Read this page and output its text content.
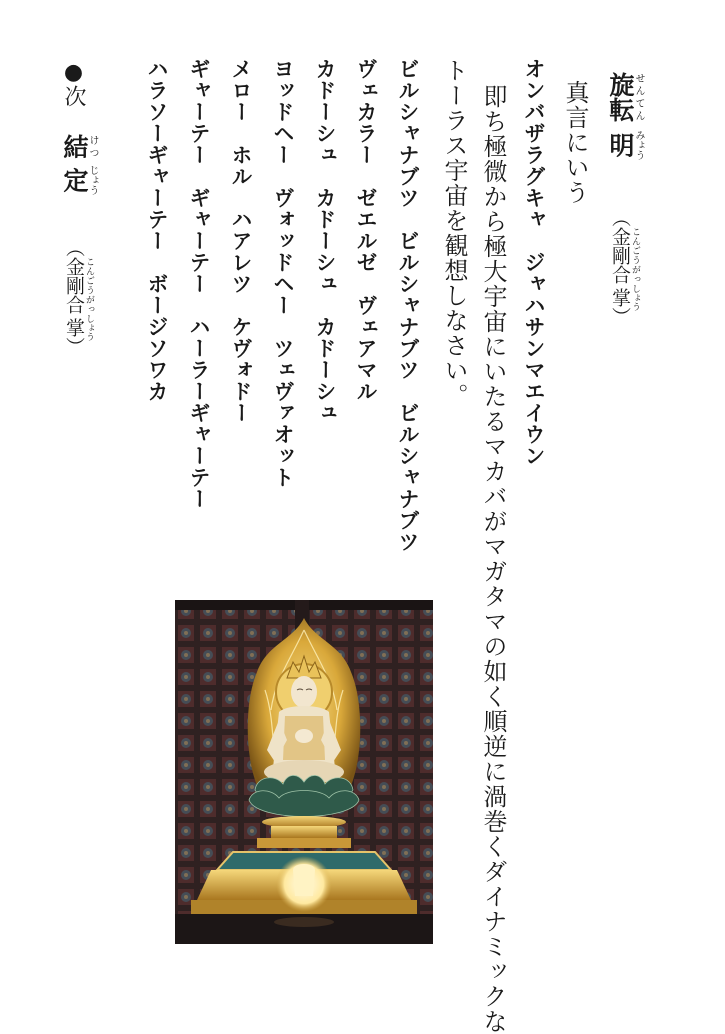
旋せん転てん明みょう
（金 こん剛 ごう合 がっ掌 しょう）
真言にいう
オンバザラグキャ　ジャハサンマエイウン
即ち極微から極大宇宙にいたるマカバがマガタマの如く順逆に渦巻くダイナミックな
トーラス宇宙を観想しなさい。
ビルシャナブツ　ビルシャナブツ　ビルシャナブツ
ヴェカラー　ゼエルゼ　ヴェアマル
カドーシュ　カドーシュ　カドーシュ
ヨッドヘー　ヴォッドヘー　ツェヴァオット
メロー　ホル　ハアレツ　ケヴォドー
ギャーテー　ギャーテー　ハーラーギャーテー
ハラソーギャーテー　ボージソワカ
●次
結けつ定じょう
（金 こん剛 ごう合 がっ掌 しょう）
